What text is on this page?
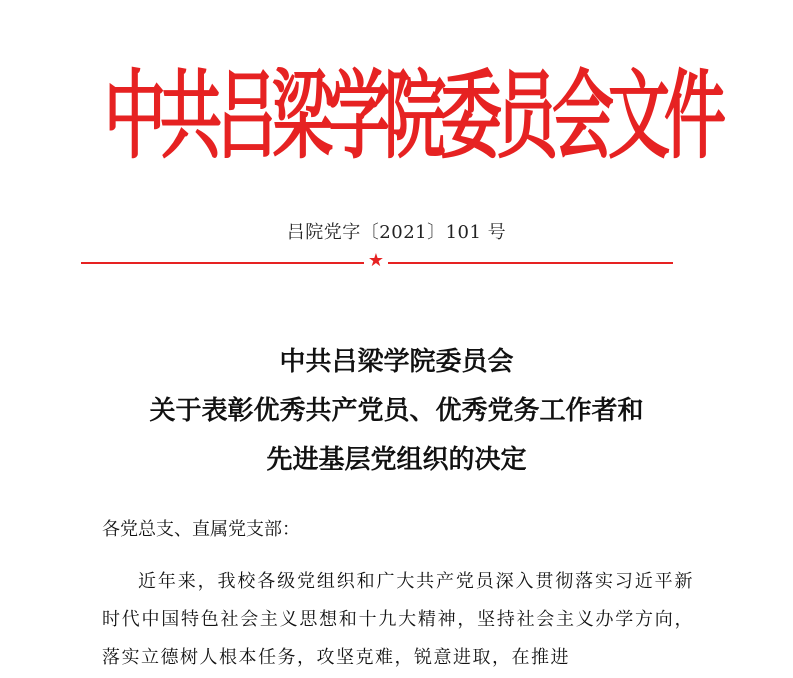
中共吕梁学院委员会文件
吕院党字〔2021〕101 号
★
中共吕梁学院委员会
关于表彰优秀共产党员、优秀党务工作者和
先进基层党组织的决定
各党总支、直属党支部：

近年来，我校各级党组织和广大共产党员深入贯彻落实习近平新时代中国特色社会主义思想和十九大精神，坚持社会主义办学方向，落实立德树人根本任务，攻坚克难，锐意进取，在推进
